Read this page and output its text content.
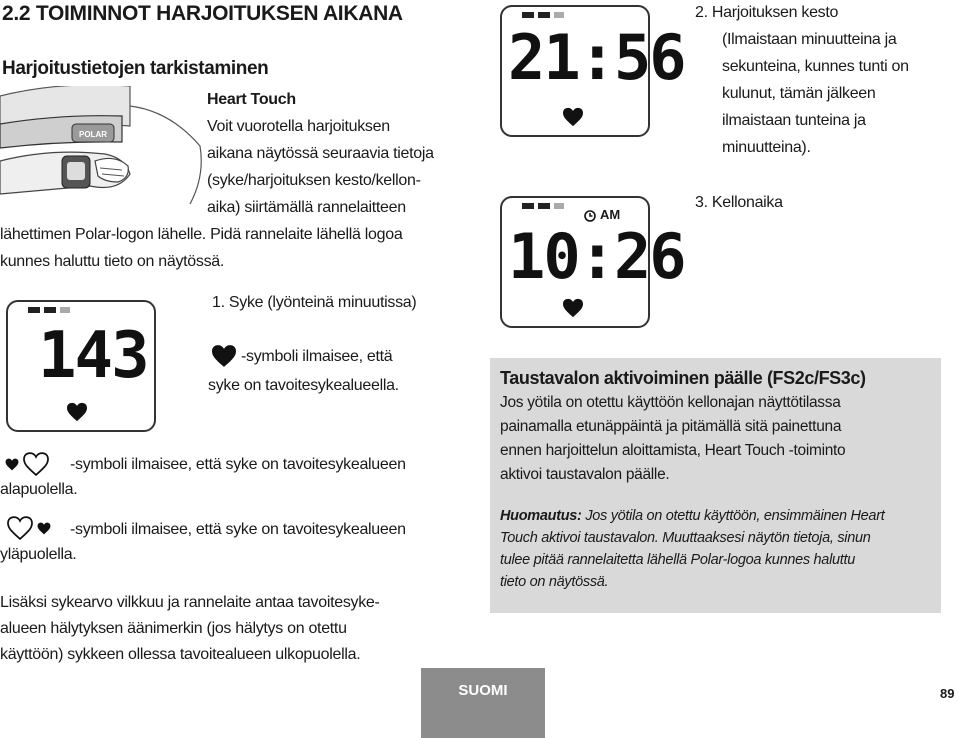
2.2 TOIMINNOT HARJOITUKSEN AIKANA
Harjoitustietojen tarkistaminen
POLAR
Heart Touch
Voit vuorotella harjoituksen
aikana näytössä seuraavia tietoja
(syke/harjoituksen kesto/kellon-
aika) siirtämällä rannelaitteen
lähettimen Polar-logon lähelle. Pidä rannelaite lähellä logoa
kunnes haluttu tieto on näytössä.
21:56
AM
10:26
143
2. Harjoituksen kesto
(Ilmaistaan minuutteina ja
sekunteina, kunnes tunti on
kulunut, tämän jälkeen
ilmaistaan tunteina ja
minuutteina).
3. Kellonaika
1. Syke (lyönteinä minuutissa)
-symboli ilmaisee, että
syke on tavoitesykealueella.
-symboli ilmaisee, että syke on tavoitesykealueen
alapuolella.
-symboli ilmaisee, että syke on tavoitesykealueen
yläpuolella.
Lisäksi sykearvo vilkkuu ja rannelaite antaa tavoitesyke-
alueen hälytyksen äänimerkin (jos hälytys on otettu
käyttöön) sykkeen ollessa tavoitealueen ulkopuolella.
Taustavalon aktivoiminen päälle (FS2c/FS3c)
Jos yötila on otettu käyttöön kellonajan näyttötilassa
painamalla etunäppäintä ja pitämällä sitä painettuna
ennen harjoittelun aloittamista, Heart Touch -toiminto
aktivoi taustavalon päälle.
Huomautus: Jos yötila on otettu käyttöön, ensimmäinen Heart
Touch aktivoi taustavalon. Muuttaaksesi näytön tietoja, sinun
tulee pitää rannelaitetta lähellä Polar-logoa kunnes haluttu
tieto on näytössä.
SUOMI	89
